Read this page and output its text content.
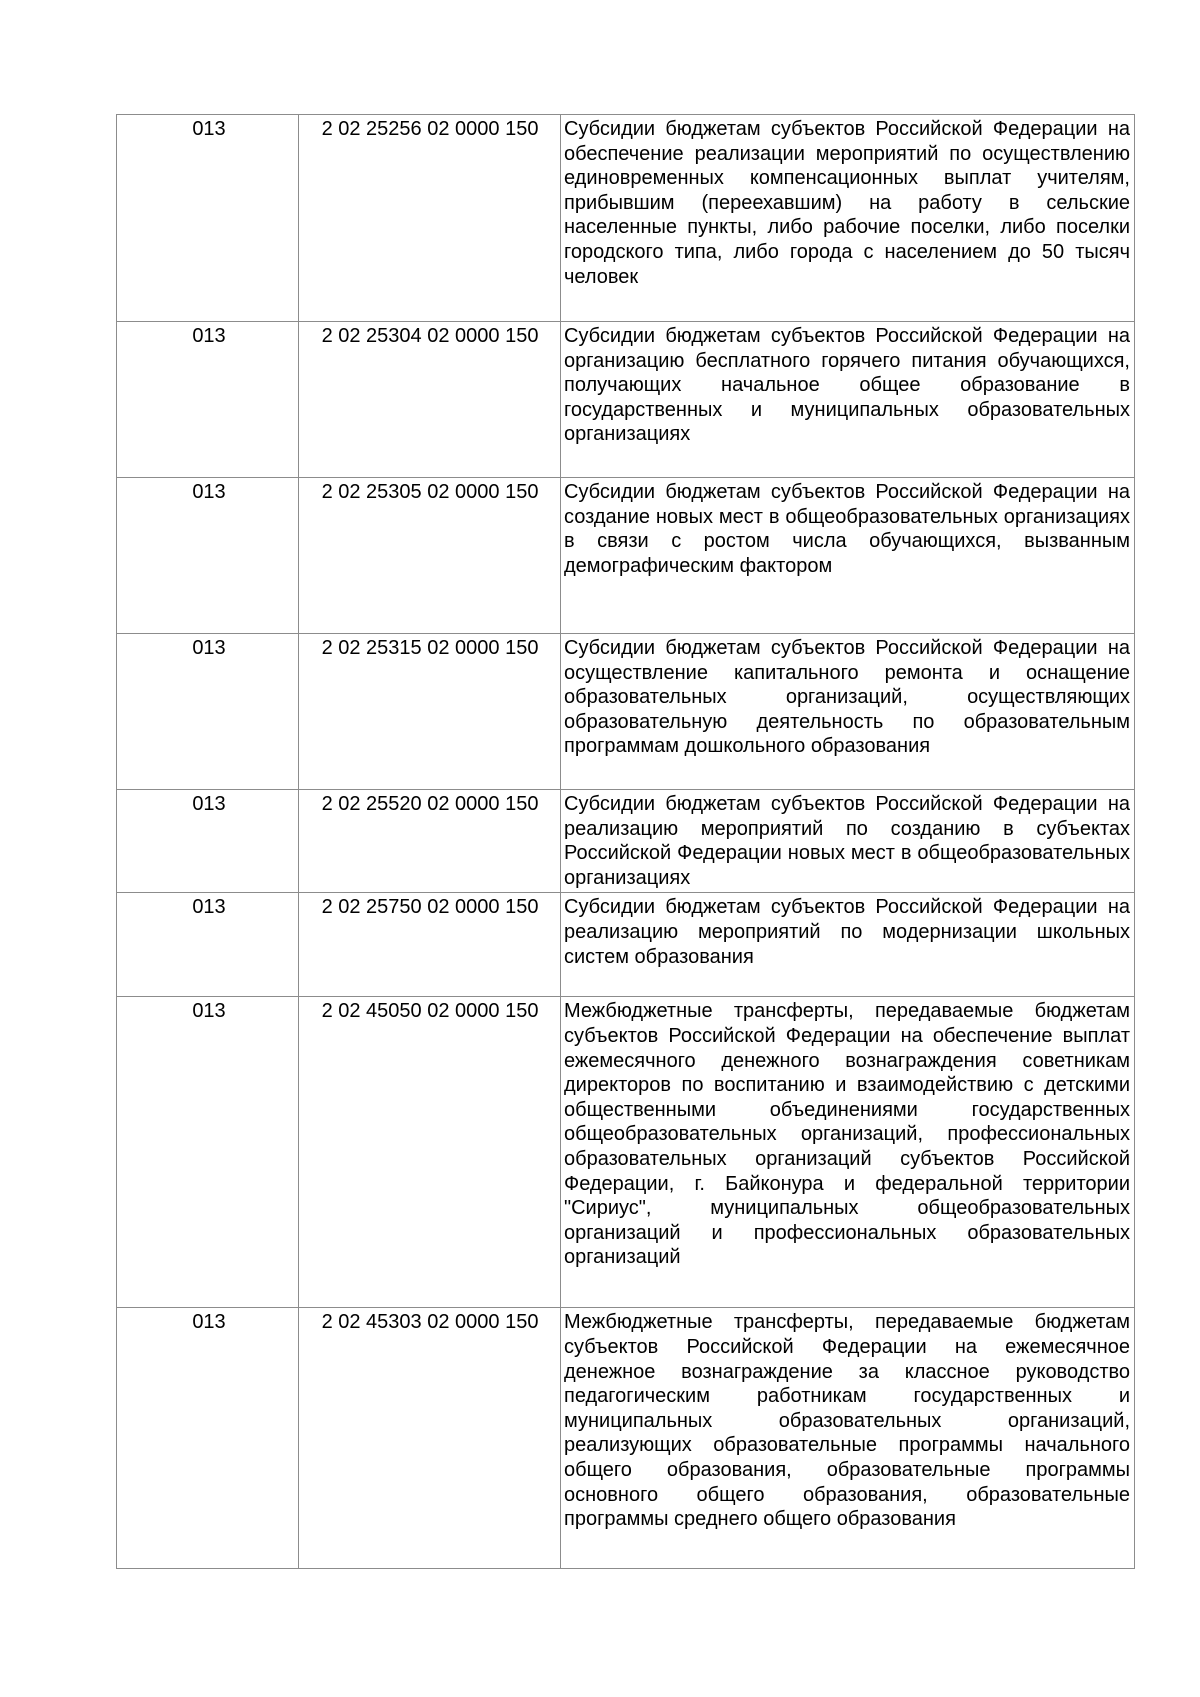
013	2 02 25256 02 0000 150	Субсидии бюджетам субъектов Российской Федерации на обеспечение реализации мероприятий по осуществлению единовременных компенсационных выплат учителям, прибывшим (переехавшим) на работу в сельские населенные пункты, либо рабочие поселки, либо поселки городского типа, либо города с населением до 50 тысяч человек

013	2 02 25304 02 0000 150	Субсидии бюджетам субъектов Российской Федерации на организацию бесплатного горячего питания обучающихся, получающих начальное общее образование в государственных и муниципальных образовательных организациях

013	2 02 25305 02 0000 150	Субсидии бюджетам субъектов Российской Федерации на создание новых мест в общеобразовательных организациях в связи с ростом числа обучающихся, вызванным демографическим фактором

013	2 02 25315 02 0000 150	Субсидии бюджетам субъектов Российской Федерации на осуществление капитального ремонта и оснащение образовательных организаций, осуществляющих образовательную деятельность по образовательным программам дошкольного образования

013	2 02 25520 02 0000 150	Субсидии бюджетам субъектов Российской Федерации на реализацию мероприятий по созданию в субъектах Российской Федерации новых мест в общеобразовательных организациях

013	2 02 25750 02 0000 150	Субсидии бюджетам субъектов Российской Федерации на реализацию мероприятий по модернизации школьных систем образования

013	2 02 45050 02 0000 150	Межбюджетные трансферты, передаваемые бюджетам субъектов Российской Федерации на обеспечение выплат ежемесячного денежного вознаграждения советникам директоров по воспитанию и взаимодействию с детскими общественными объединениями государственных общеобразовательных организаций, профессиональных образовательных организаций субъектов Российской Федерации, г. Байконура и федеральной территории "Сириус", муниципальных общеобразовательных организаций и профессиональных образовательных организаций

013	2 02 45303 02 0000 150	Межбюджетные трансферты, передаваемые бюджетам субъектов Российской Федерации на ежемесячное денежное вознаграждение за классное руководство педагогическим работникам государственных и муниципальных образовательных организаций, реализующих образовательные программы начального общего образования, образовательные программы основного общего образования, образовательные программы среднего общего образования
